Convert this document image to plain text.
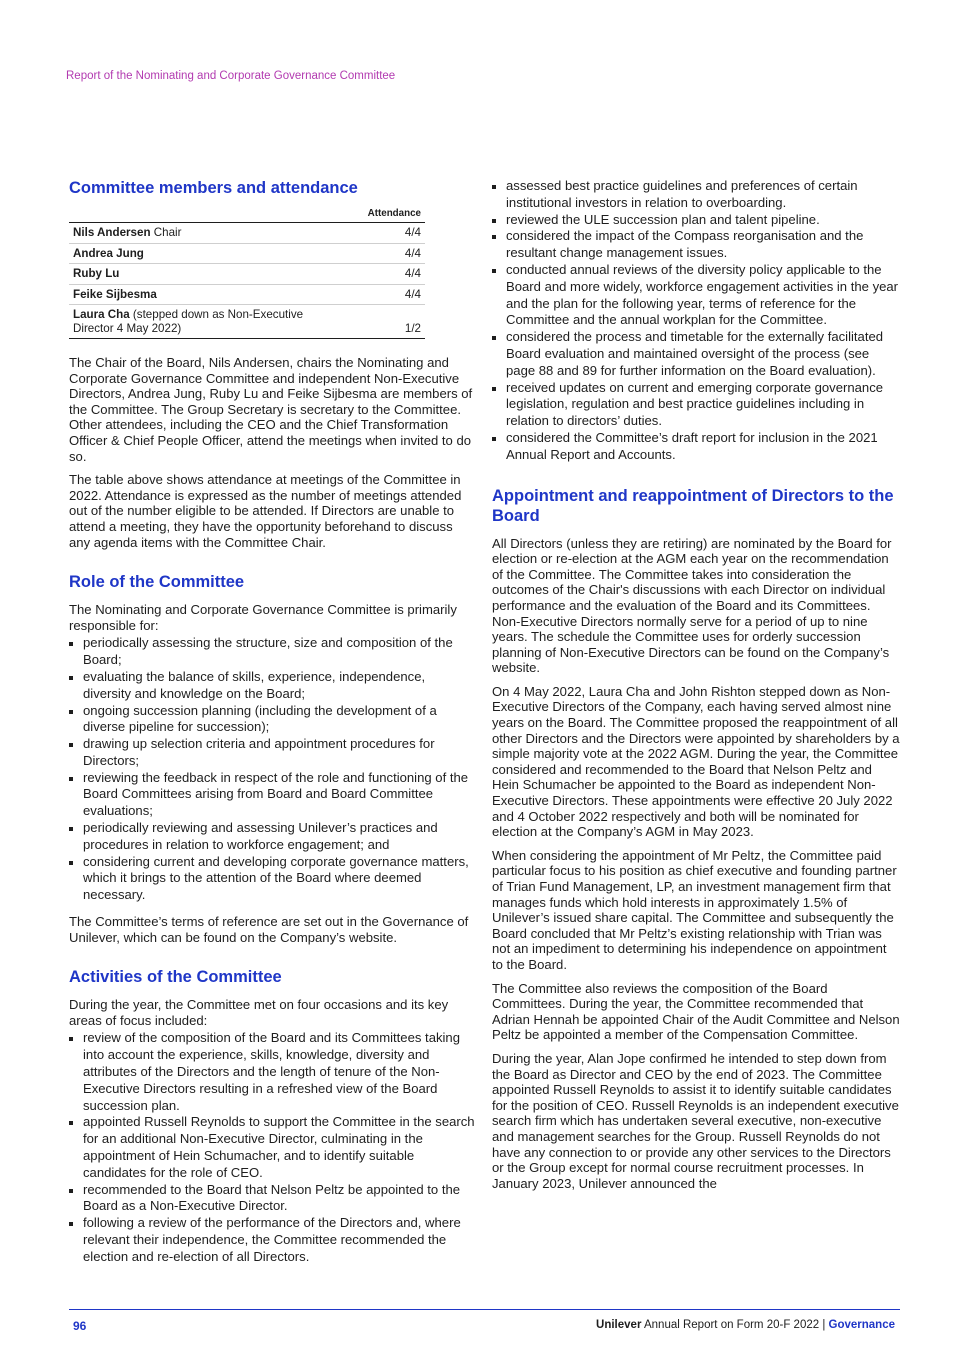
Report of the Nominating and Corporate Governance Committee
Committee members and attendance
	Attendance
Nils Andersen Chair	4/4
Andrea Jung	4/4
Ruby Lu	4/4
Feike Sijbesma	4/4
Laura Cha (stepped down as Non-Executive Director 4 May 2022)	1/2

The Chair of the Board, Nils Andersen, chairs the Nominating and Corporate Governance Committee and independent Non-Executive Directors, Andrea Jung, Ruby Lu and Feike Sijbesma are members of the Committee. The Group Secretary is secretary to the Committee. Other attendees, including the CEO and the Chief Transformation Officer & Chief People Officer, attend the meetings when invited to do so.

The table above shows attendance at meetings of the Committee in 2022. Attendance is expressed as the number of meetings attended out of the number eligible to be attended. If Directors are unable to attend a meeting, they have the opportunity beforehand to discuss any agenda items with the Committee Chair.

Role of the Committee

The Nominating and Corporate Governance Committee is primarily responsible for:

periodically assessing the structure, size and composition of the Board;
evaluating the balance of skills, experience, independence, diversity and knowledge on the Board;
ongoing succession planning (including the development of a diverse pipeline for succession);
drawing up selection criteria and appointment procedures for Directors;
reviewing the feedback in respect of the role and functioning of the Board Committees arising from Board and Board Committee evaluations;
periodically reviewing and assessing Unilever’s practices and procedures in relation to workforce engagement; and
considering current and developing corporate governance matters, which it brings to the attention of the Board where deemed necessary.

The Committee’s terms of reference are set out in the Governance of Unilever, which can be found on the Company’s website.

Activities of the Committee

During the year, the Committee met on four occasions and its key areas of focus included:

review of the composition of the Board and its Committees taking into account the experience, skills, knowledge, diversity and attributes of the Directors and the length of tenure of the Non-Executive Directors resulting in a refreshed view of the Board succession plan.
appointed Russell Reynolds to support the Committee in the search for an additional Non-Executive Director, culminating in the appointment of Hein Schumacher, and to identify suitable candidates for the role of CEO.
recommended to the Board that Nelson Peltz be appointed to the Board as a Non-Executive Director.
following a review of the performance of the Directors and, where relevant their independence, the Committee recommended the election and re-election of all Directors.
assessed best practice guidelines and preferences of certain institutional investors in relation to overboarding.
reviewed the ULE succession plan and talent pipeline.
considered the impact of the Compass reorganisation and the resultant change management issues.
conducted annual reviews of the diversity policy applicable to the Board and more widely, workforce engagement activities in the year and the plan for the following year, terms of reference for the Committee and the annual workplan for the Committee.
considered the process and timetable for the externally facilitated Board evaluation and maintained oversight of the process (see page 88 and 89 for further information on the Board evaluation).
received updates on current and emerging corporate governance legislation, regulation and best practice guidelines including in relation to directors’ duties.
considered the Committee’s draft report for inclusion in the 2021 Annual Report and Accounts.
Appointment and reappointment of Directors to the Board

All Directors (unless they are retiring) are nominated by the Board for election or re-election at the AGM each year on the recommendation of the Committee. The Committee takes into consideration the outcomes of the Chair's discussions with each Director on individual performance and the evaluation of the Board and its Committees. Non-Executive Directors normally serve for a period of up to nine years. The schedule the Committee uses for orderly succession planning of Non-Executive Directors can be found on the Company’s website.

On 4 May 2022, Laura Cha and John Rishton stepped down as Non-Executive Directors of the Company, each having served almost nine years on the Board. The Committee proposed the reappointment of all other Directors and the Directors were appointed by shareholders by a simple majority vote at the 2022 AGM. During the year, the Committee considered and recommended to the Board that Nelson Peltz and Hein Schumacher be appointed to the Board as independent Non-Executive Directors. These appointments were effective 20 July 2022 and 4 October 2022 respectively and both will be nominated for election at the Company’s AGM in May 2023.

When considering the appointment of Mr Peltz, the Committee paid particular focus to his position as chief executive and founding partner of Trian Fund Management, LP, an investment management firm that manages funds which hold interests in approximately 1.5% of Unilever’s issued share capital. The Committee and subsequently the Board concluded that Mr Peltz’s existing relationship with Trian was not an impediment to determining his independence on appointment to the Board.

The Committee also reviews the composition of the Board Committees. During the year, the Committee recommended that Adrian Hennah be appointed Chair of the Audit Committee and Nelson Peltz be appointed a member of the Compensation Committee.

During the year, Alan Jope confirmed he intended to step down from the Board as Director and CEO by the end of 2023. The Committee appointed Russell Reynolds to assist it to identify suitable candidates for the position of CEO. Russell Reynolds is an independent executive search firm which has undertaken several executive, non-executive and management searches for the Group. Russell Reynolds do not have any connection to or provide any other services to the Directors or the Group except for normal course recruitment processes. In January 2023, Unilever announced the

96	Unilever Annual Report on Form 20-F 2022 | Governance
